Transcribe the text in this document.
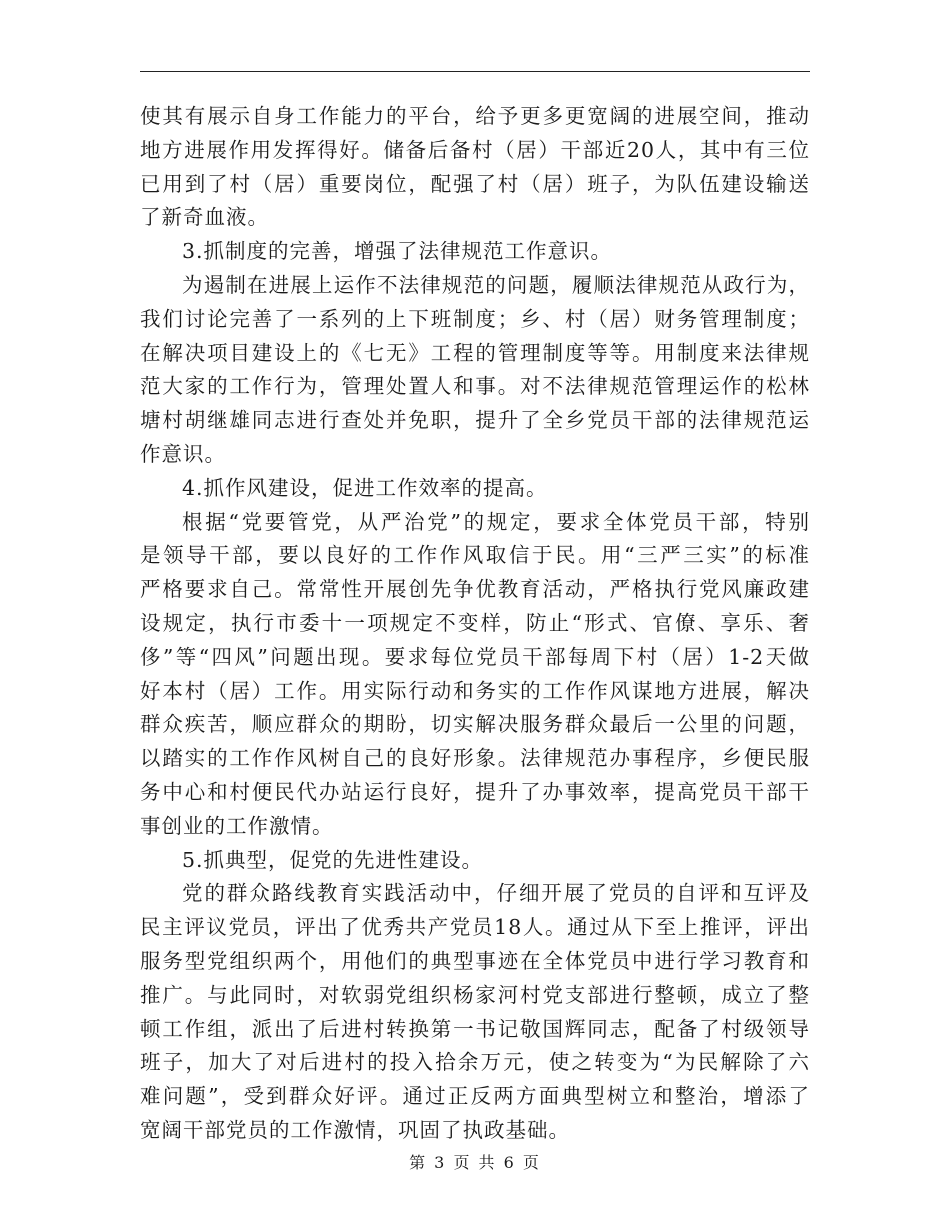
使其有展示自身工作能力的平台，给予更多更宽阔的进展空间，推动
地方进展作用发挥得好。储备后备村（居）干部近20人，其中有三位
已用到了村（居）重要岗位，配强了村（居）班子，为队伍建设输送
了新奇血液。
3.抓制度的完善，增强了法律规范工作意识。
为遏制在进展上运作不法律规范的问题，履顺法律规范从政行为，
我们讨论完善了一系列的上下班制度；乡、村（居）财务管理制度；
在解决项目建设上的《七无》工程的管理制度等等。用制度来法律规
范大家的工作行为，管理处置人和事。对不法律规范管理运作的松林
塘村胡继雄同志进行查处并免职，提升了全乡党员干部的法律规范运
作意识。
4.抓作风建设，促进工作效率的提高。
根据“党要管党，从严治党”的规定，要求全体党员干部，特别
是领导干部，要以良好的工作作风取信于民。用“三严三实”的标准
严格要求自己。常常性开展创先争优教育活动，严格执行党风廉政建
设规定，执行市委十一项规定不变样，防止“形式、官僚、享乐、奢
侈”等“四风”问题出现。要求每位党员干部每周下村（居）1-2天做
好本村（居）工作。用实际行动和务实的工作作风谋地方进展，解决
群众疾苦，顺应群众的期盼，切实解决服务群众最后一公里的问题，
以踏实的工作作风树自己的良好形象。法律规范办事程序，乡便民服
务中心和村便民代办站运行良好，提升了办事效率，提高党员干部干
事创业的工作激情。
5.抓典型，促党的先进性建设。
党的群众路线教育实践活动中，仔细开展了党员的自评和互评及
民主评议党员，评出了优秀共产党员18人。通过从下至上推评，评出
服务型党组织两个，用他们的典型事迹在全体党员中进行学习教育和
推广。与此同时，对软弱党组织杨家河村党支部进行整顿，成立了整
顿工作组，派出了后进村转换第一书记敬国辉同志，配备了村级领导
班子，加大了对后进村的投入拾余万元，使之转变为“为民解除了六
难问题”，受到群众好评。通过正反两方面典型树立和整治，增添了
宽阔干部党员的工作激情，巩固了执政基础。
第 3 页 共 6 页
